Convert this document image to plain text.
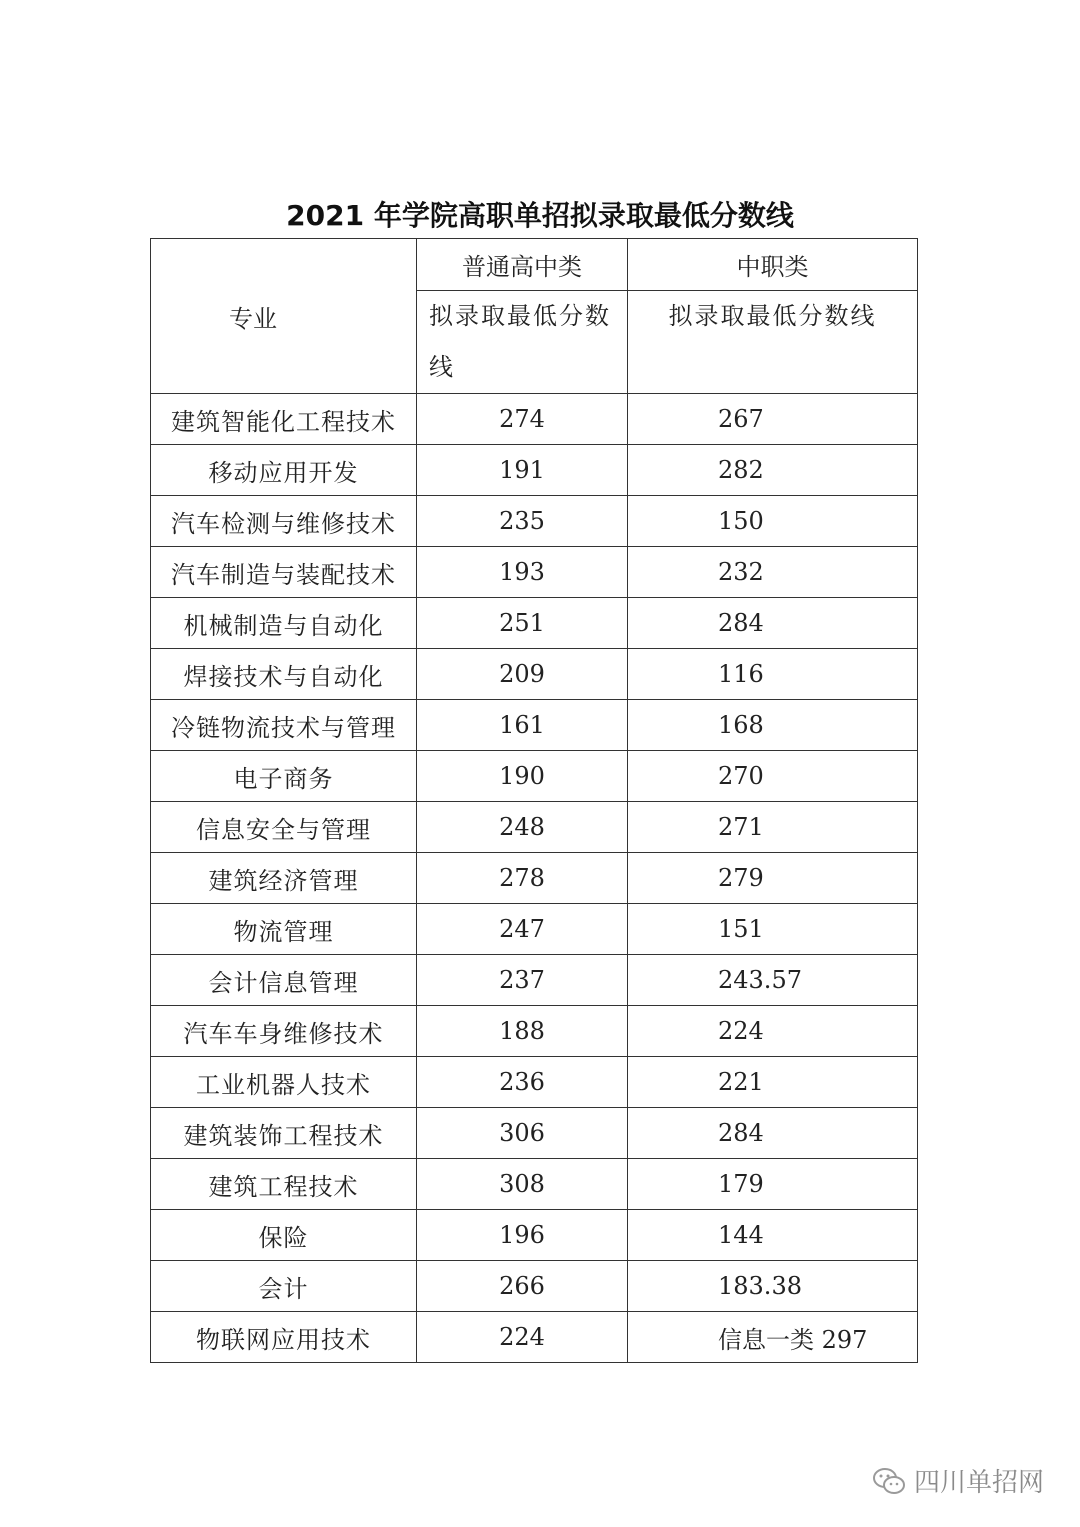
2021 年学院高职单招拟录取最低分数线
专业	普通高中类	中职类
	拟录取最低分数线	拟录取最低分数线
建筑智能化工程技术	274	267
移动应用开发	191	282
汽车检测与维修技术	235	150
汽车制造与装配技术	193	232
机械制造与自动化	251	284
焊接技术与自动化	209	116
冷链物流技术与管理	161	168
电子商务	190	270
信息安全与管理	248	271
建筑经济管理	278	279
物流管理	247	151
会计信息管理	237	243.57
汽车车身维修技术	188	224
工业机器人技术	236	221
建筑装饰工程技术	306	284
建筑工程技术	308	179
保险	196	144
会计	266	183.38
物联网应用技术	224	信息一类 297
四川单招网
